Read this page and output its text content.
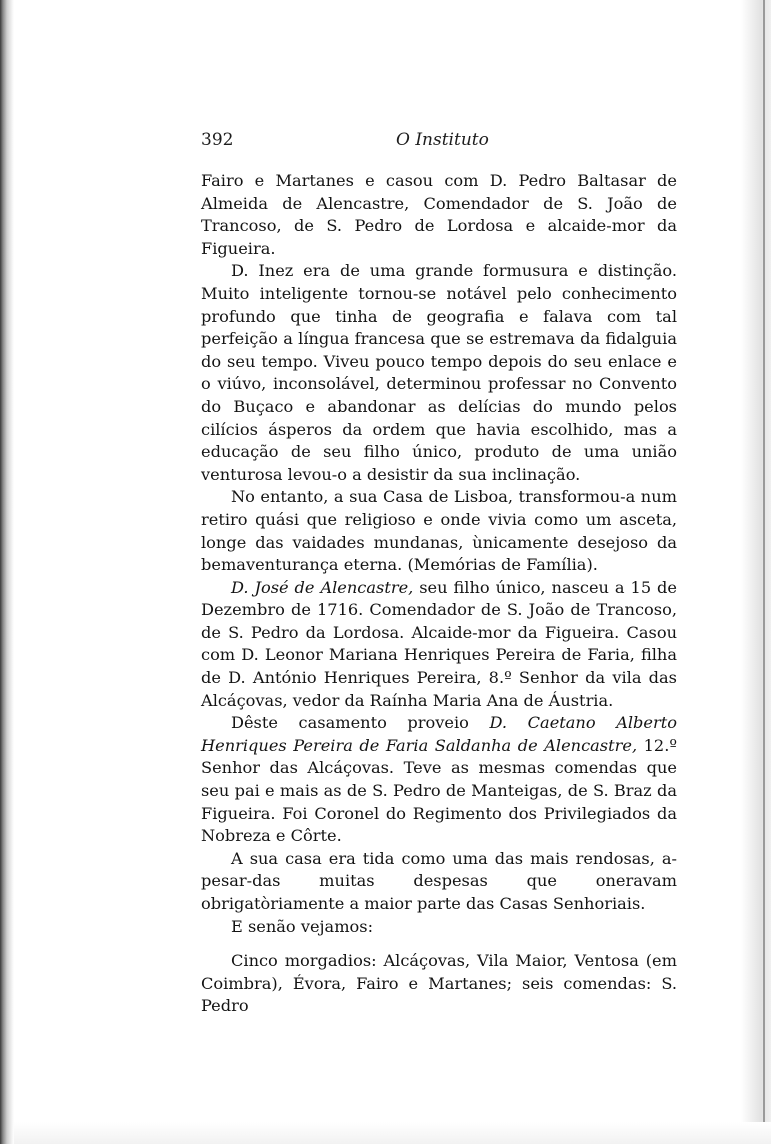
392	O Instituto

Fairo e Martanes e casou com D. Pedro Baltasar de Almeida de Alencastre, Comendador de S. João de Trancoso, de S. Pedro de Lordosa e alcaide-mor da Figueira.

D. Inez era de uma grande formusura e distinção. Muito inteligente tornou-se notável pelo conhecimento profundo que tinha de geografia e falava com tal perfeição a língua francesa que se estremava da fidalguia do seu tempo. Viveu pouco tempo depois do seu enlace e o viúvo, inconsolável, determinou professar no Convento do Buçaco e abandonar as delícias do mundo pelos cilícios ásperos da ordem que havia escolhido, mas a educação de seu filho único, produto de uma união venturosa levou-o a desistir da sua inclinação.

No entanto, a sua Casa de Lisboa, transformou-a num retiro quási que religioso e onde vivia como um asceta, longe das vaidades mundanas, ùnicamente desejoso da bemaventurança eterna. (Memórias de Família).

D. José de Alencastre, seu filho único, nasceu a 15 de Dezembro de 1716. Comendador de S. João de Trancoso, de S. Pedro da Lordosa. Alcaide-mor da Figueira. Casou com D. Leonor Mariana Henriques Pereira de Faria, filha de D. António Henriques Pereira, 8.º Senhor da vila das Alcáçovas, vedor da Raínha Maria Ana de Áustria.

Dêste casamento proveio D. Caetano Alberto Henriques Pereira de Faria Saldanha de Alencastre, 12.º Senhor das Alcáçovas. Teve as mesmas comendas que seu pai e mais as de S. Pedro de Manteigas, de S. Braz da Figueira. Foi Coronel do Regimento dos Privilegiados da Nobreza e Côrte.

A sua casa era tida como uma das mais rendosas, a-pesar-das muitas despesas que oneravam obrigatòriamente a maior parte das Casas Senhoriais.

E senão vejamos:

Cinco morgadios: Alcáçovas, Vila Maior, Ventosa (em Coimbra), Évora, Fairo e Martanes; seis comendas: S. Pedro
